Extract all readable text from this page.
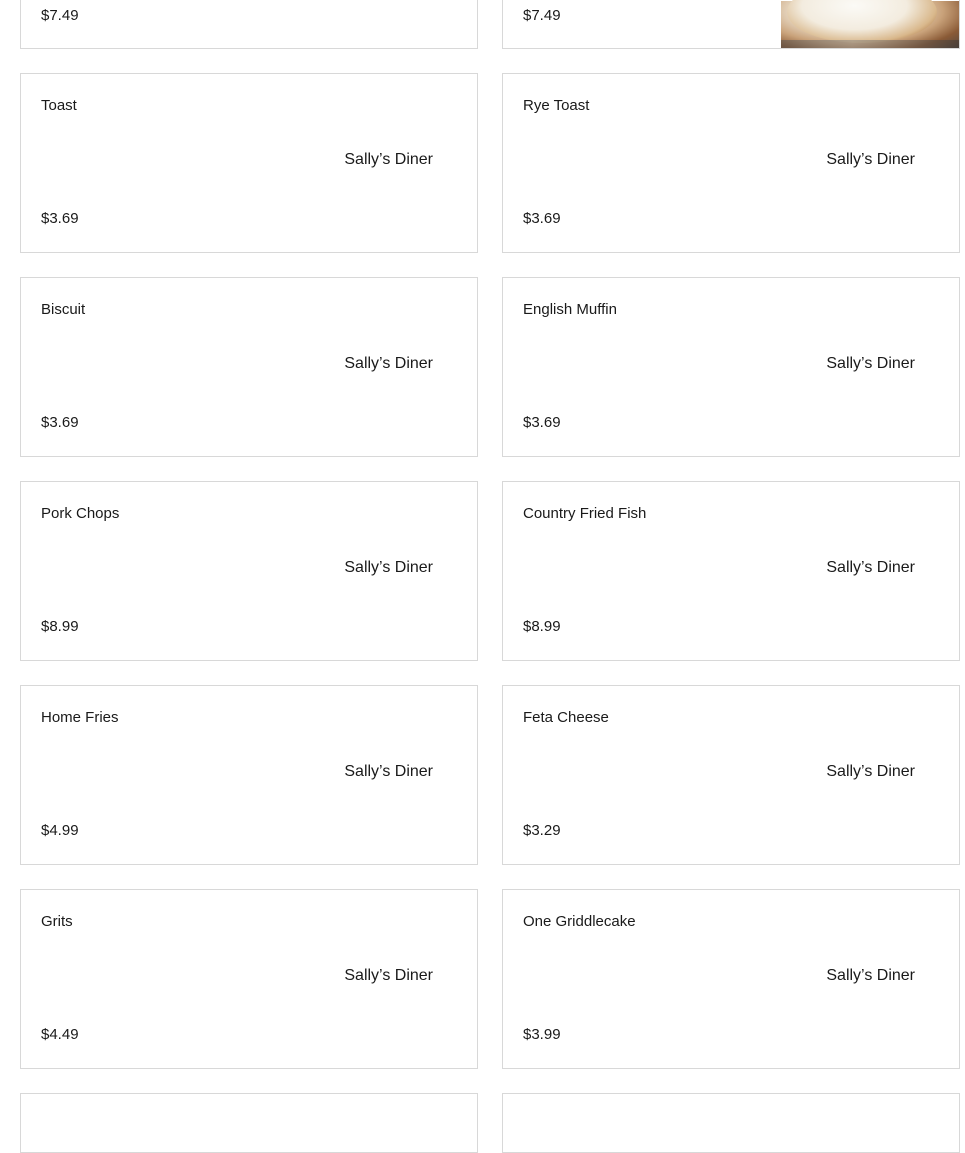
$7.49	$7.49
Toast
Sally’s Diner
$3.69
Rye Toast
Sally’s Diner
$3.69
Biscuit
Sally’s Diner
$3.69
English Muffin
Sally’s Diner
$3.69
Pork Chops
Sally’s Diner
$8.99
Country Fried Fish
Sally’s Diner
$8.99
Home Fries
Sally’s Diner
$4.99
Feta Cheese
Sally’s Diner
$3.29
Grits
Sally’s Diner
$4.49
One Griddlecake
Sally’s Diner
$3.99
